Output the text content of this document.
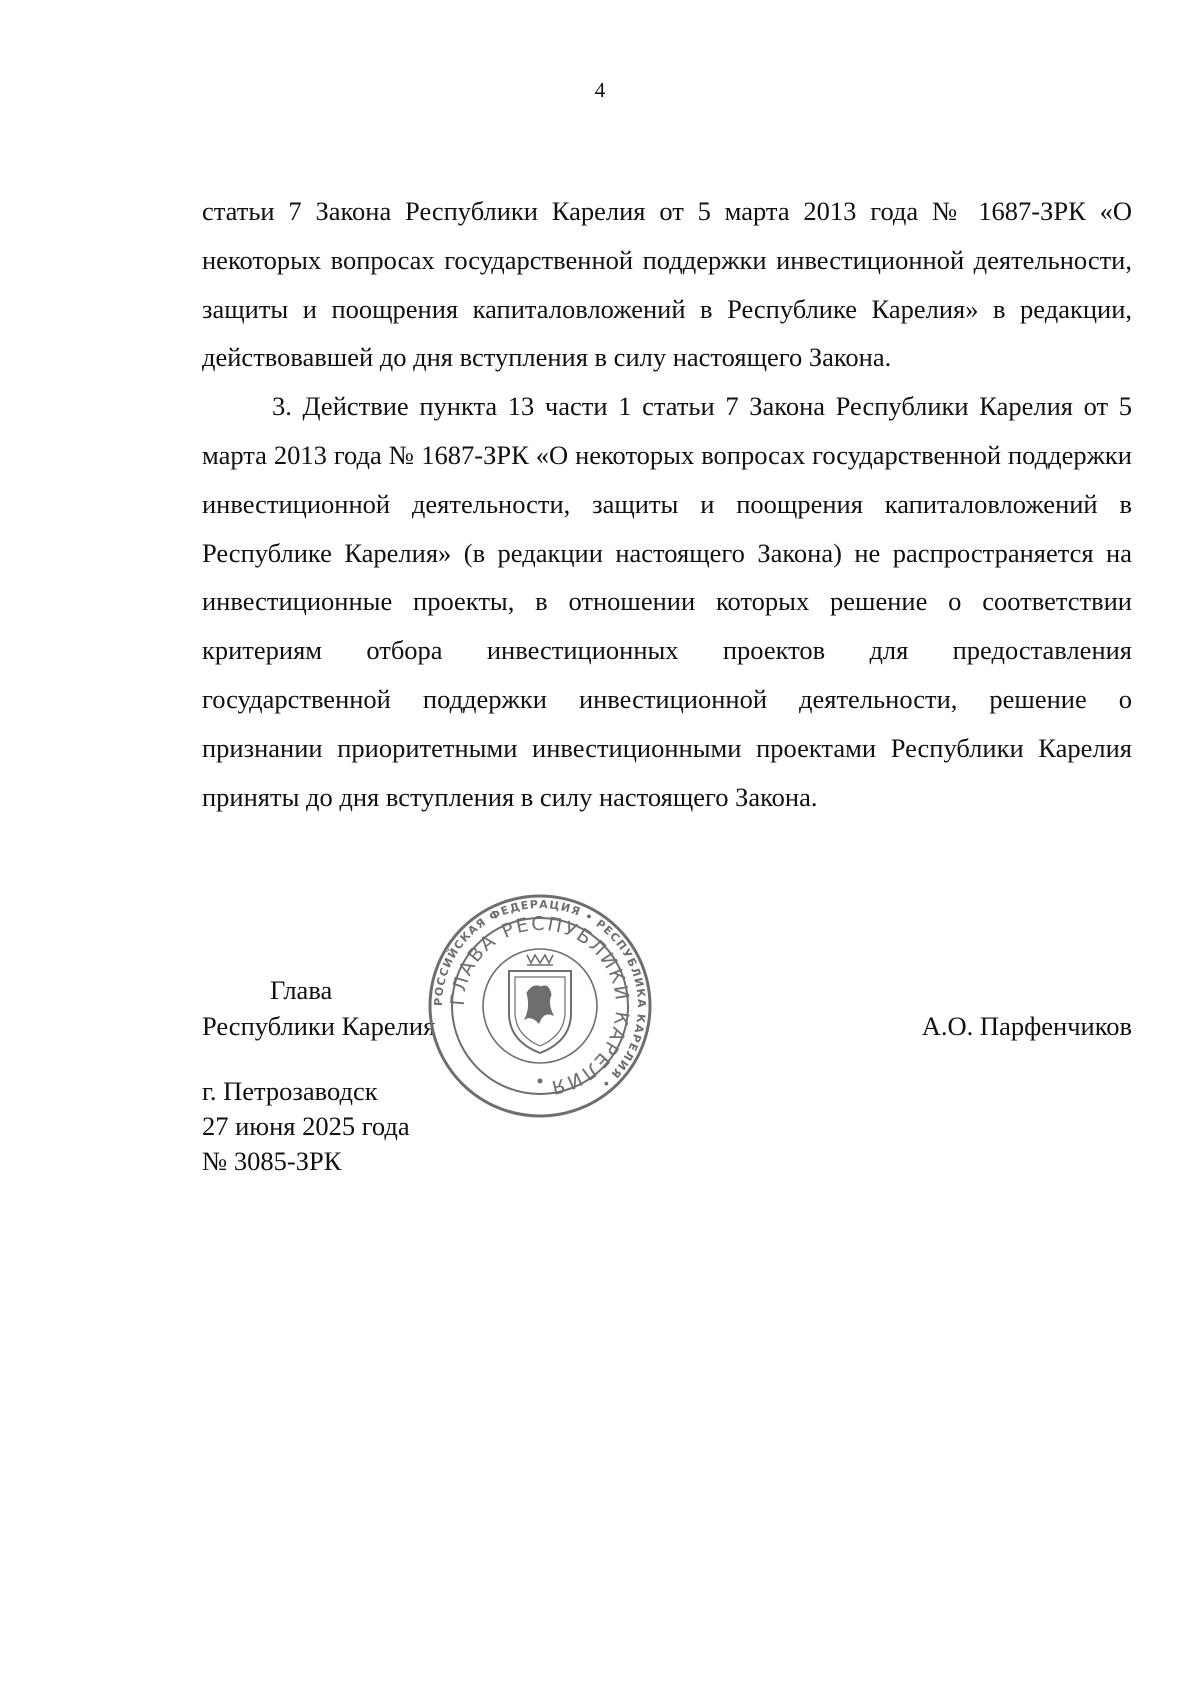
4

статьи 7 Закона Республики Карелия от 5 марта 2013 года № 1687-ЗРК «О некоторых вопросах государственной поддержки инвестиционной деятельности, защиты и поощрения капиталовложений в Республике Карелия» в редакции, действовавшей до дня вступления в силу настоящего Закона.

3. Действие пункта 13 части 1 статьи 7 Закона Республики Карелия от 5 марта 2013 года № 1687-ЗРК «О некоторых вопросах государственной поддержки инвестиционной деятельности, защиты и поощрения капиталовложений в Республике Карелия» (в редакции настоящего Закона) не распространяется на инвестиционные проекты, в отношении которых решение о соответствии критериям отбора инвестиционных проектов для предоставления государственной поддержки инвестиционной деятельности, решение о признании приоритетными инвестиционными проектами Республики Карелия приняты до дня вступления в силу настоящего Закона.

Глава
Республики Карелия	А.О. Парфенчиков
г. Петрозаводск
27 июня 2025 года
№ 3085-ЗРК
РОССИЙСКАЯ ФЕДЕРАЦИЯ • РЕСПУБЛИКА КАРЕЛИЯ •
ГЛАВА РЕСПУБЛИКИ КАРЕЛИЯ
